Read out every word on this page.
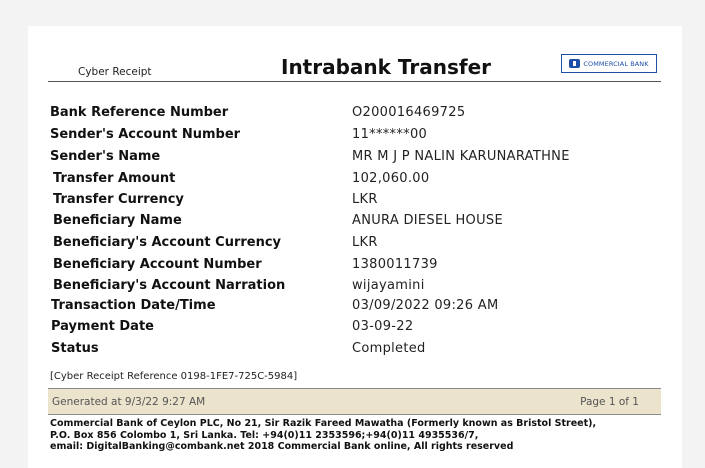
Cyber Receipt	Intrabank Transfer	COMMERCIAL BANK
Bank Reference Number	O200016469725
Sender's Account Number	11******00
Sender's Name	MR M J P NALIN KARUNARATHNE
Transfer Amount	102,060.00
Transfer Currency	LKR
Beneficiary Name	ANURA DIESEL HOUSE
Beneficiary's Account Currency	LKR
Beneficiary Account Number	1380011739
Beneficiary's Account Narration	wijayamini
Transaction Date/Time	03/09/2022 09:26 AM
Payment Date	03-09-22
Status	Completed
[Cyber Receipt Reference 0198-1FE7-725C-5984]
Generated at 9/3/22 9:27 AM	Page 1 of 1
Commercial Bank of Ceylon PLC, No 21, Sir Razik Fareed Mawatha (Formerly known as Bristol Street),
P.O. Box 856 Colombo 1, Sri Lanka. Tel: +94(0)11 2353596;+94(0)11 4935536/7,
email: DigitalBanking@combank.net 2018 Commercial Bank online, All rights reserved
